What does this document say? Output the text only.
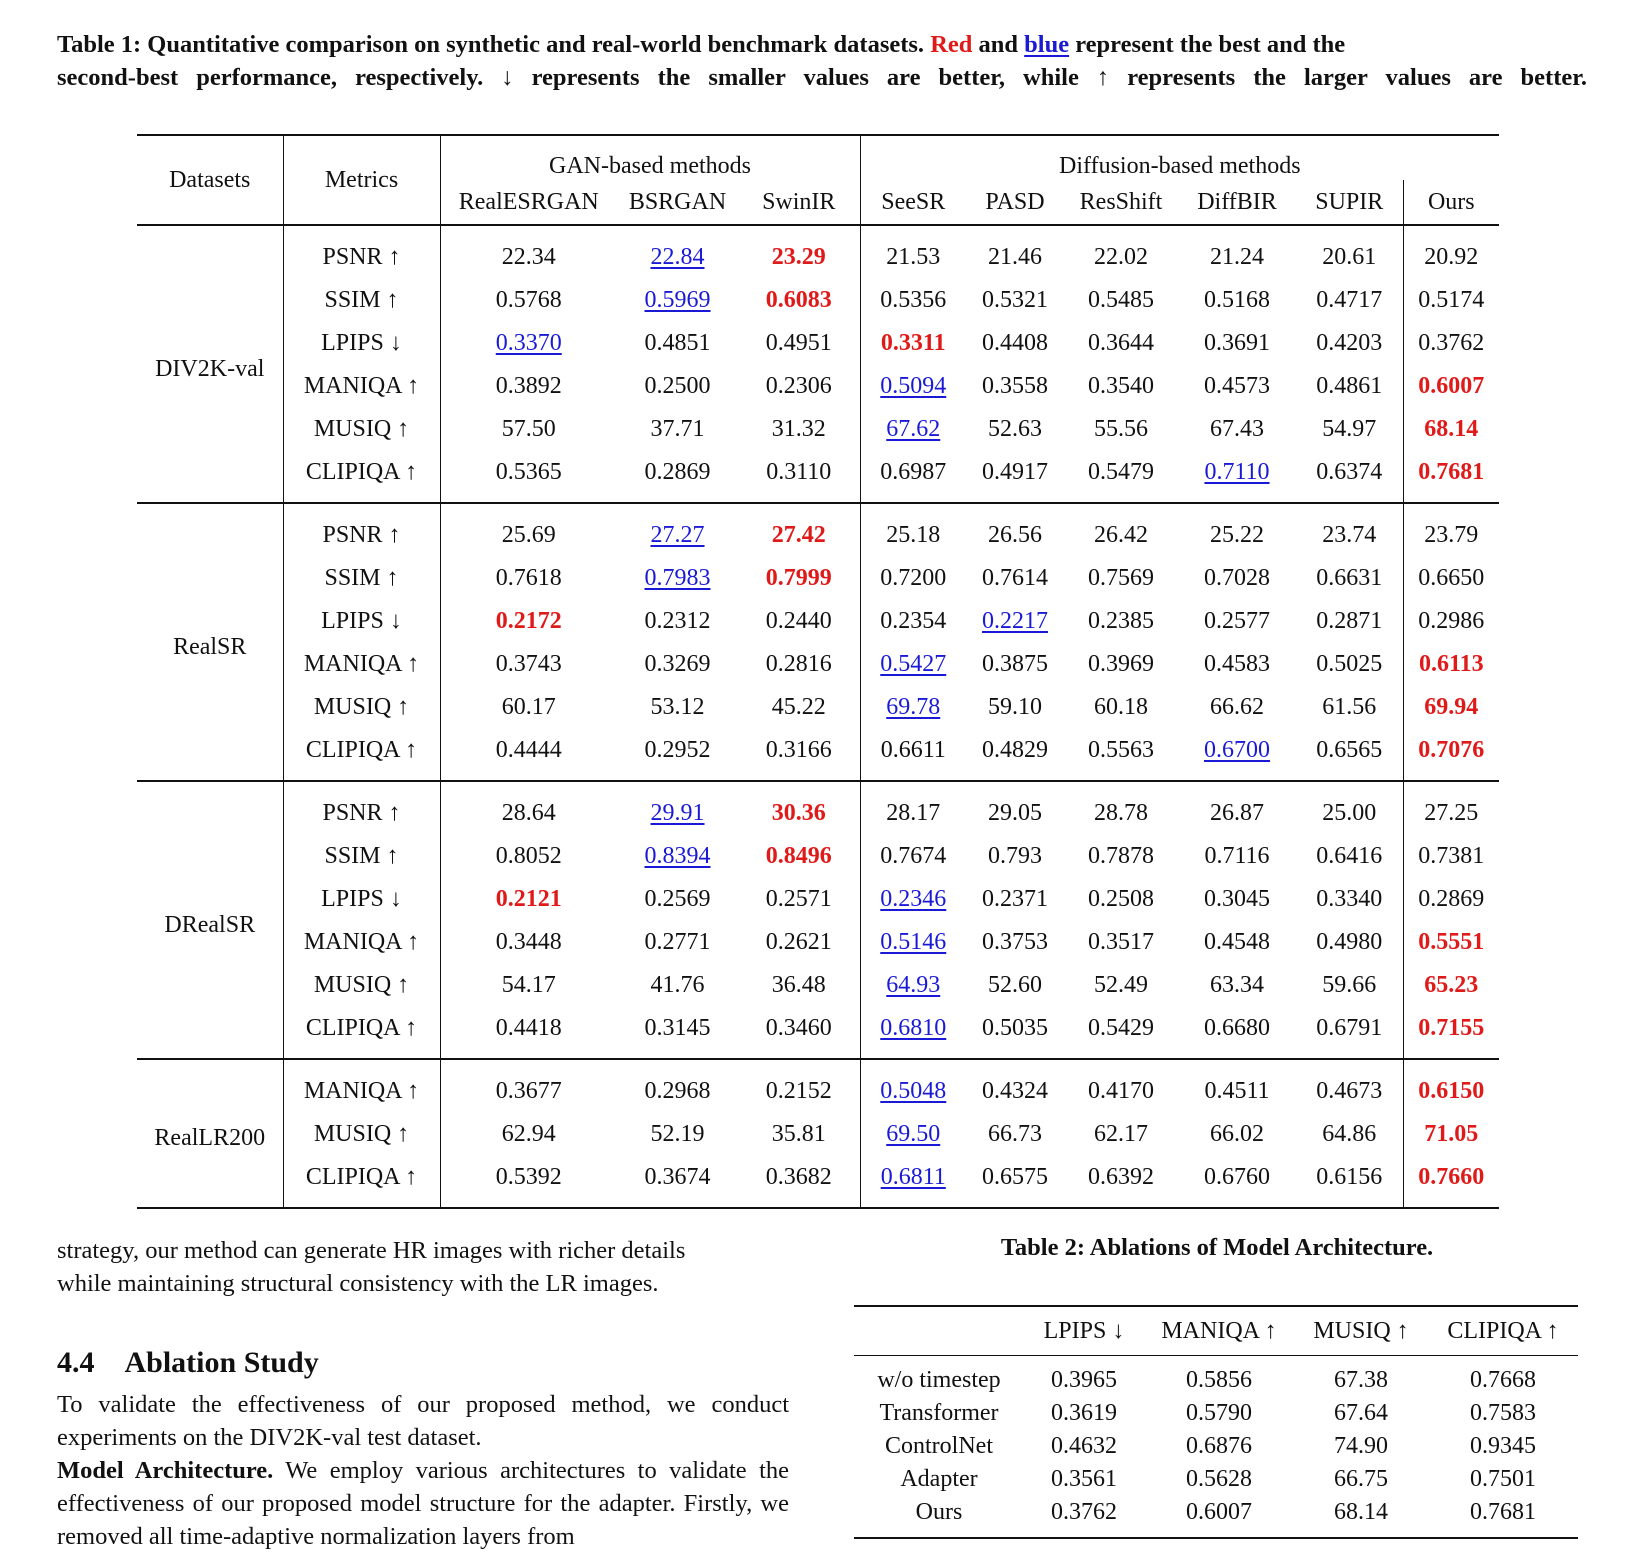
Table 1: Quantitative comparison on synthetic and real-world benchmark datasets. Red and blue represent the best and the
second-best performance, respectively. ↓ represents the smaller values are better, while ↑ represents the larger values are better.
Datasets	Metrics	GAN-based methods			Diffusion-based methods					
		RealESRGAN	BSRGAN	SwinIR	SeeSR	PASD	ResShift	DiffBIR	SUPIR	Ours
DIV2K-val	PSNR ↑	22.34	22.84	23.29	21.53	21.46	22.02	21.24	20.61	20.92
	SSIM ↑	0.5768	0.5969	0.6083	0.5356	0.5321	0.5485	0.5168	0.4717	0.5174
	LPIPS ↓	0.3370	0.4851	0.4951	0.3311	0.4408	0.3644	0.3691	0.4203	0.3762
	MANIQA ↑	0.3892	0.2500	0.2306	0.5094	0.3558	0.3540	0.4573	0.4861	0.6007
	MUSIQ ↑	57.50	37.71	31.32	67.62	52.63	55.56	67.43	54.97	68.14
	CLIPIQA ↑	0.5365	0.2869	0.3110	0.6987	0.4917	0.5479	0.7110	0.6374	0.7681
RealSR	PSNR ↑	25.69	27.27	27.42	25.18	26.56	26.42	25.22	23.74	23.79
	SSIM ↑	0.7618	0.7983	0.7999	0.7200	0.7614	0.7569	0.7028	0.6631	0.6650
	LPIPS ↓	0.2172	0.2312	0.2440	0.2354	0.2217	0.2385	0.2577	0.2871	0.2986
	MANIQA ↑	0.3743	0.3269	0.2816	0.5427	0.3875	0.3969	0.4583	0.5025	0.6113
	MUSIQ ↑	60.17	53.12	45.22	69.78	59.10	60.18	66.62	61.56	69.94
	CLIPIQA ↑	0.4444	0.2952	0.3166	0.6611	0.4829	0.5563	0.6700	0.6565	0.7076
DRealSR	PSNR ↑	28.64	29.91	30.36	28.17	29.05	28.78	26.87	25.00	27.25
	SSIM ↑	0.8052	0.8394	0.8496	0.7674	0.793	0.7878	0.7116	0.6416	0.7381
	LPIPS ↓	0.2121	0.2569	0.2571	0.2346	0.2371	0.2508	0.3045	0.3340	0.2869
	MANIQA ↑	0.3448	0.2771	0.2621	0.5146	0.3753	0.3517	0.4548	0.4980	0.5551
	MUSIQ ↑	54.17	41.76	36.48	64.93	52.60	52.49	63.34	59.66	65.23
	CLIPIQA ↑	0.4418	0.3145	0.3460	0.6810	0.5035	0.5429	0.6680	0.6791	0.7155
RealLR200	MANIQA ↑	0.3677	0.2968	0.2152	0.5048	0.4324	0.4170	0.4511	0.4673	0.6150
	MUSIQ ↑	62.94	52.19	35.81	69.50	66.73	62.17	66.02	64.86	71.05
	CLIPIQA ↑	0.5392	0.3674	0.3682	0.6811	0.6575	0.6392	0.6760	0.6156	0.7660
strategy, our method can generate HR images with richer details
while maintaining structural consistency with the LR images.
4.4 Ablation Study
To validate the effectiveness of our proposed method, we conduct experiments on the DIV2K-val test dataset.
Model Architecture. We employ various architectures to validate the effectiveness of our proposed model structure for the adapter. Firstly, we removed all time-adaptive normalization layers from
Table 2: Ablations of Model Architecture.
	LPIPS ↓	MANIQA ↑	MUSIQ ↑	CLIPIQA ↑
w/o timestep	0.3965	0.5856	67.38	0.7668
Transformer	0.3619	0.5790	67.64	0.7583
ControlNet	0.4632	0.6876	74.90	0.9345
Adapter	0.3561	0.5628	66.75	0.7501
Ours	0.3762	0.6007	68.14	0.7681
